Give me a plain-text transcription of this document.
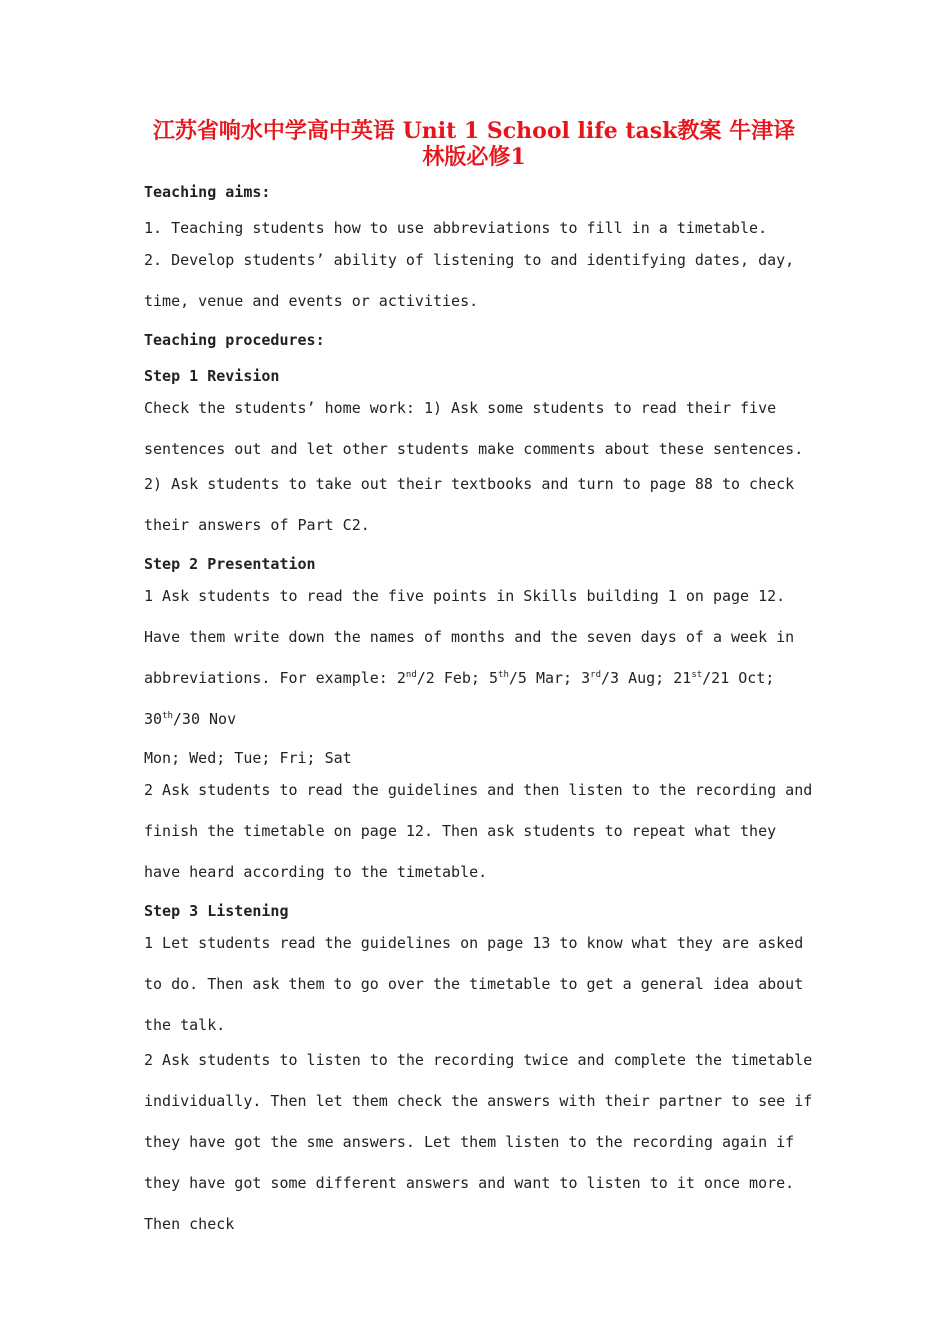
江苏省响水中学高中英语 Unit 1 School life task教案 牛津译
林版必修1
Teaching aims:

1. Teaching students how to use abbreviations to fill in a timetable.

2. Develop students’ ability of listening to and identifying dates, day, time, venue and events or activities.

Teaching procedures:
Step 1 Revision

Check the students’ home work: 1) Ask some students to read their five sentences out and let other students make comments about these sentences.

2) Ask students to take out their textbooks and turn to page 88 to check their answers of Part C2.

Step 2 Presentation

1 Ask students to read the five points in Skills building 1 on page 12. Have them write down the names of months and the seven days of a week in abbreviations. For example: 2nd/2 Feb; 5th/5 Mar; 3rd/3 Aug; 21st/21 Oct; 30th/30 Nov

Mon; Wed; Tue; Fri; Sat

2 Ask students to read the guidelines and then listen to the recording and finish the timetable on page 12. Then ask students to repeat what they have heard according to the timetable.

Step 3 Listening

1 Let students read the guidelines on page 13 to know what they are asked to do. Then ask them to go over the timetable to get a general idea about the talk.

2 Ask students to listen to the recording twice and complete the timetable individually. Then let them check the answers with their partner to see if they have got the sme answers. Let them listen to the recording again if they have got some different answers and want to listen to it once more. Then check
